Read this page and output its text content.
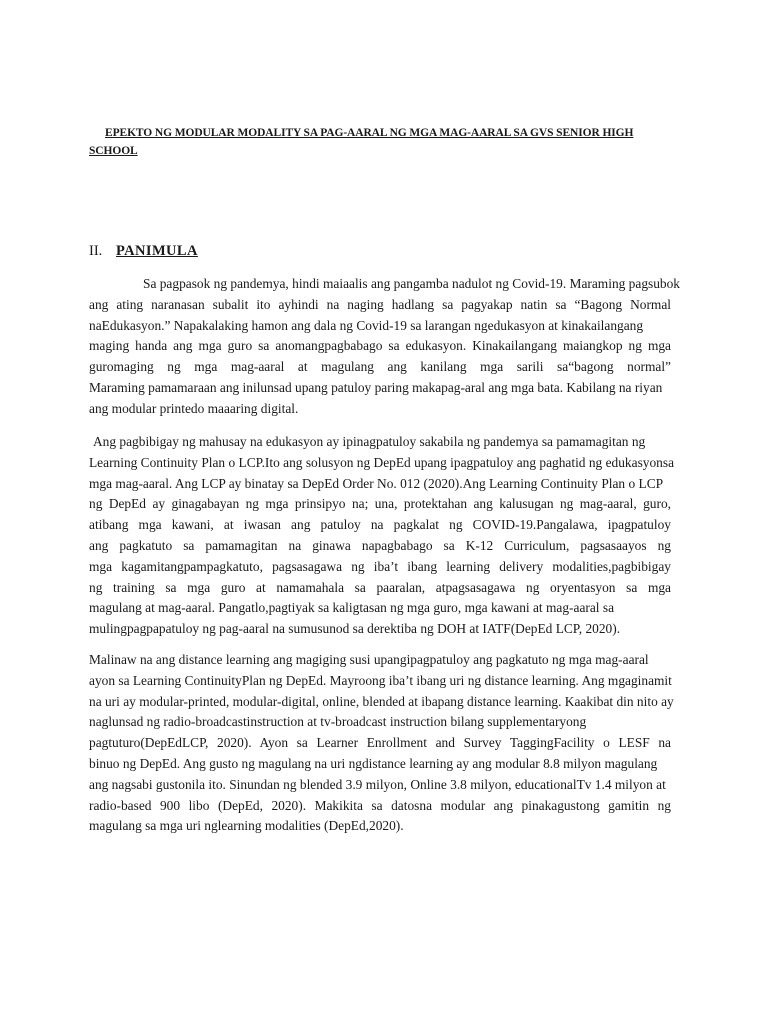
EPEKTO NG MODULAR MODALITY SA PAG-AARAL NG MGA MAG-AARAL SA GVS SENIOR HIGH SCHOOL
II. PANIMULA
Sa pagpasok ng pandemya, hindi maiaalis ang pangamba nadulot ng Covid-19. Maraming pagsubok
ang ating naranasan subalit ito ayhindi na naging hadlang sa pagyakap natin sa “Bagong Normal
naEdukasyon.” Napakalaking hamon ang dala ng Covid-19 sa larangan ngedukasyon at kinakailangang
maging handa ang mga guro sa anomangpagbabago sa edukasyon. Kinakailangang maiangkop ng mga
guromaging ng mga mag-aaral at magulang ang kanilang mga sarili sa“bagong normal”
Maraming pamamaraan ang inilunsad upang patuloy paring makapag-aral ang mga bata. Kabilang na riyan
ang modular printedo maaaring digital.
Ang pagbibigay ng mahusay na edukasyon ay ipinagpatuloy sakabila ng pandemya sa pamamagitan ng
Learning Continuity Plan o LCP.Ito ang solusyon ng DepEd upang ipagpatuloy ang paghatid ng edukasyonsa
mga mag-aaral. Ang LCP ay binatay sa DepEd Order No. 012 (2020).Ang Learning Continuity Plan o LCP
ng DepEd ay ginagabayan ng mga prinsipyo na; una, protektahan ang kalusugan ng mag-aaral, guro,
atibang mga kawani, at iwasan ang patuloy na pagkalat ng COVID-19.Pangalawa, ipagpatuloy
ang pagkatuto sa pamamagitan na ginawa napagbabago sa K-12 Curriculum, pagsasaayos ng
mga kagamitangpampagkatuto, pagsasagawa ng iba’t ibang learning delivery modalities,pagbibigay
ng training sa mga guro at namamahala sa paaralan, atpagsasagawa ng oryentasyon sa mga
magulang at mag-aaral. Pangatlo,pagtiyak sa kaligtasan ng mga guro, mga kawani at mag-aaral sa
mulingpagpapatuloy ng pag-aaral na sumusunod sa derektiba ng DOH at IATF(DepEd LCP, 2020).
Malinaw na ang distance learning ang magiging susi upangipagpatuloy ang pagkatuto ng mga mag-aaral
ayon sa Learning ContinuityPlan ng DepEd. Mayroong iba’t ibang uri ng distance learning. Ang mgaginamit
na uri ay modular-printed, modular-digital, online, blended at ibapang distance learning. Kaakibat din nito ay
naglunsad ng radio-broadcastinstruction at tv-broadcast instruction bilang supplementaryong
pagtuturo(DepEdLCP, 2020). Ayon sa Learner Enrollment and Survey TaggingFacility o LESF na
binuo ng DepEd. Ang gusto ng magulang na uri ngdistance learning ay ang modular 8.8 milyon magulang
ang nagsabi gustonila ito. Sinundan ng blended 3.9 milyon, Online 3.8 milyon, educationalTv 1.4 milyon at
radio-based 900 libo (DepEd, 2020). Makikita sa datosna modular ang pinakagustong gamitin ng
magulang sa mga uri nglearning modalities (DepEd,2020).
